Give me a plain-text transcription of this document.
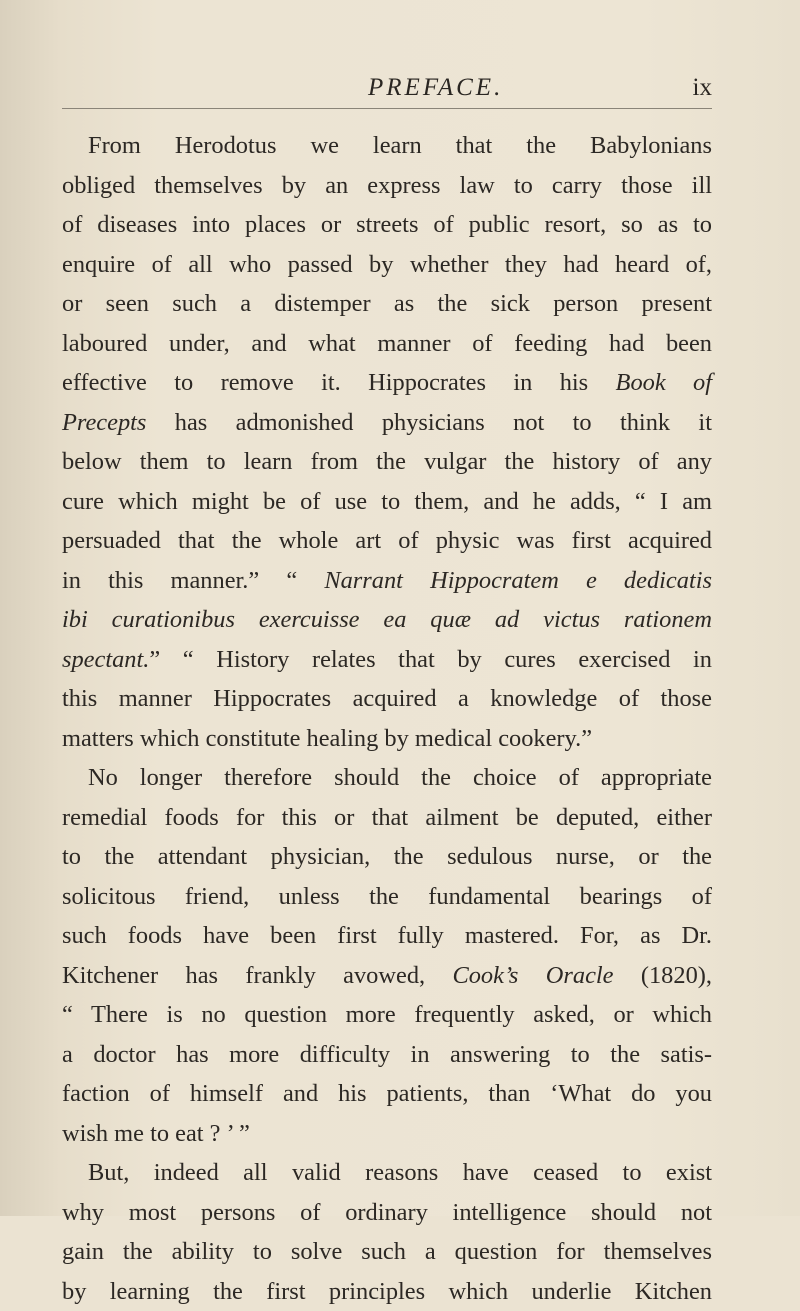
PREFACE.	ix
From Herodotus we learn that the Babylonians
obliged themselves by an express law to carry those ill
of diseases into places or streets of public resort, so as to
enquire of all who passed by whether they had heard of,
or seen such a distemper as the sick person present
laboured under, and what manner of feeding had been
effective to remove it. Hippocrates in his Book of
Precepts has admonished physicians not to think it
below them to learn from the vulgar the history of any
cure which might be of use to them, and he adds, “ I am
persuaded that the whole art of physic was first acquired
in this manner.” “ Narrant Hippocratem e dedicatis
ibi curationibus exercuisse ea quæ ad victus rationem
spectant.” “ History relates that by cures exercised in
this manner Hippocrates acquired a knowledge of those
matters which constitute healing by medical cookery.”
No longer therefore should the choice of appropriate
remedial foods for this or that ailment be deputed, either
to the attendant physician, the sedulous nurse, or the
solicitous friend, unless the fundamental bearings of
such foods have been first fully mastered. For, as Dr.
Kitchener has frankly avowed, Cook’s Oracle (1820),
“ There is no question more frequently asked, or which
a doctor has more difficulty in answering to the satis-
faction of himself and his patients, than ‘What do you
wish me to eat ? ’ ”
But, indeed all valid reasons have ceased to exist
why most persons of ordinary intelligence should not
gain the ability to solve such a question for themselves
by learning the first principles which underlie Kitchen
